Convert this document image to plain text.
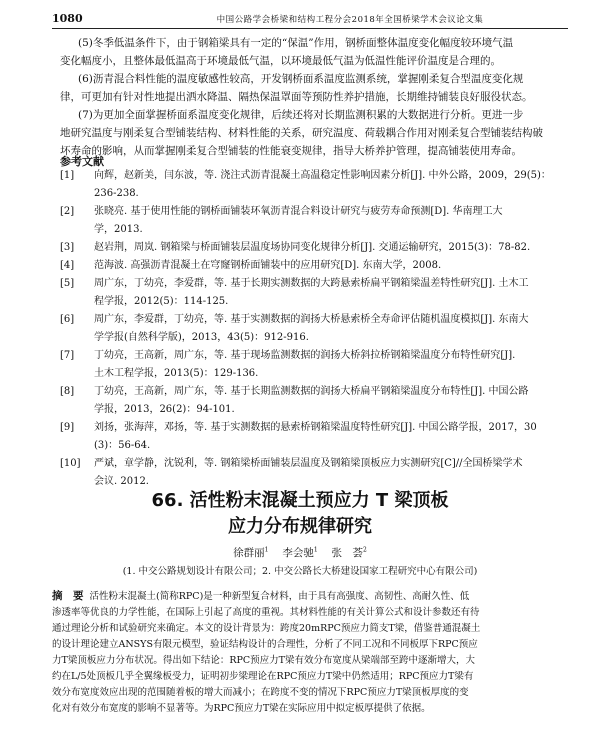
1080	中国公路学会桥梁和结构工程分会2018年全国桥梁学术会议论文集
(5)冬季低温条件下，由于钢箱梁具有一定的“保温”作用，钢桥面整体温度变化幅度较环境气温
变化幅度小，且整体最低温高于环境最低气温，以环境最低气温为低温性能评价温度是合理的。
(6)沥青混合料性能的温度敏感性较高，开发钢桥面系温度监测系统，掌握刚柔复合型温度变化规
律，可更加有针对性地提出洒水降温、隔热保温罩面等预防性养护措施，长期维持铺装良好服役状态。
(7)为更加全面掌握桥面系温度变化规律，后续还将对长期监测积累的大数据进行分析。更进一步
地研究温度与刚柔复合型铺装结构、材料性能的关系，研究温度、荷载耦合作用对刚柔复合型铺装结构破
坏寿命的影响，从而掌握刚柔复合型铺装的性能衰变规律，指导大桥养护管理，提高铺装使用寿命。
参考文献
[1] 向辉，赵新美，闫东波，等. 浇注式沥青混凝土高温稳定性影响因素分析[J]. 中外公路，2009，29(5)：
236-238.
[2] 张晓亮. 基于使用性能的钢桥面铺装环氧沥青混合料设计研究与疲劳寿命预测[D]. 华南理工大
学，2013.
[3] 赵岩荆，周岚. 钢箱梁与桥面铺装层温度场协同变化规律分析[J]. 交通运输研究，2015(3)：78-82.
[4] 范海波. 高强沥青混凝土在穹窿钢桥面铺装中的应用研究[D]. 东南大学，2008.
[5] 周广东，丁幼亮，李爱群，等. 基于长期实测数据的大跨悬索桥扁平钢箱梁温差特性研究[J]. 土木工
程学报，2012(5)：114-125.
[6] 周广东，李爱群，丁幼亮，等. 基于实测数据的润扬大桥悬索桥全寿命评估随机温度模拟[J]. 东南大
学学报(自然科学版)，2013，43(5)：912-916.
[7] 丁幼亮，王高新，周广东，等. 基于现场监测数据的润扬大桥斜拉桥钢箱梁温度分布特性研究[J].
土木工程学报，2013(5)：129-136.
[8] 丁幼亮，王高新，周广东，等. 基于长期监测数据的润扬大桥扁平钢箱梁温度分布特性[J]. 中国公路
学报，2013，26(2)：94-101.
[9] 刘扬，张海萍，邓扬，等. 基于实测数据的悬索桥钢箱梁温度特性研究[J]. 中国公路学报，2017，30
(3)：56-64.
[10] 严斌，章学静，沈锐利，等. 钢箱梁桥面铺装层温度及钢箱梁顶板应力实测研究[C]//全国桥梁学术
会议. 2012.
66. 活性粉末混凝土预应力 T 梁顶板
应力分布规律研究
徐群丽$^1$  李会驰$^1$  张　荟$^2$
(1. 中交公路规划设计有限公司；2. 中交公路长大桥建设国家工程研究中心有限公司)
摘　要 活性粉末混凝土(简称RPC)是一种新型复合材料，由于具有高强度、高韧性、高耐久性、低
渗透率等优良的力学性能，在国际上引起了高度的重视。其材料性能的有关计算公式和设计参数还有待
通过理论分析和试验研究来确定。本文的设计背景为：跨度20mRPC预应力简支T梁，借鉴普通混凝土
的设计理论建立ANSYS有限元模型，验证结构设计的合理性，分析了不同工况和不同板厚下RPC预应
力T梁顶板应力分布状况。得出如下结论：RPC预应力T梁有效分布宽度从梁端部至跨中逐渐增大，大
约在L/5处顶板几乎全翼缘板受力，证明初步梁理论在RPC预应力T梁中仍然适用；RPC预应力T梁有
效分布宽度效应出现的范围随着板的增大而减小；在跨度不变的情况下RPC预应力T梁顶板厚度的变
化对有效分布宽度的影响不显著等。为RPC预应力T梁在实际应用中拟定板厚提供了依据。
